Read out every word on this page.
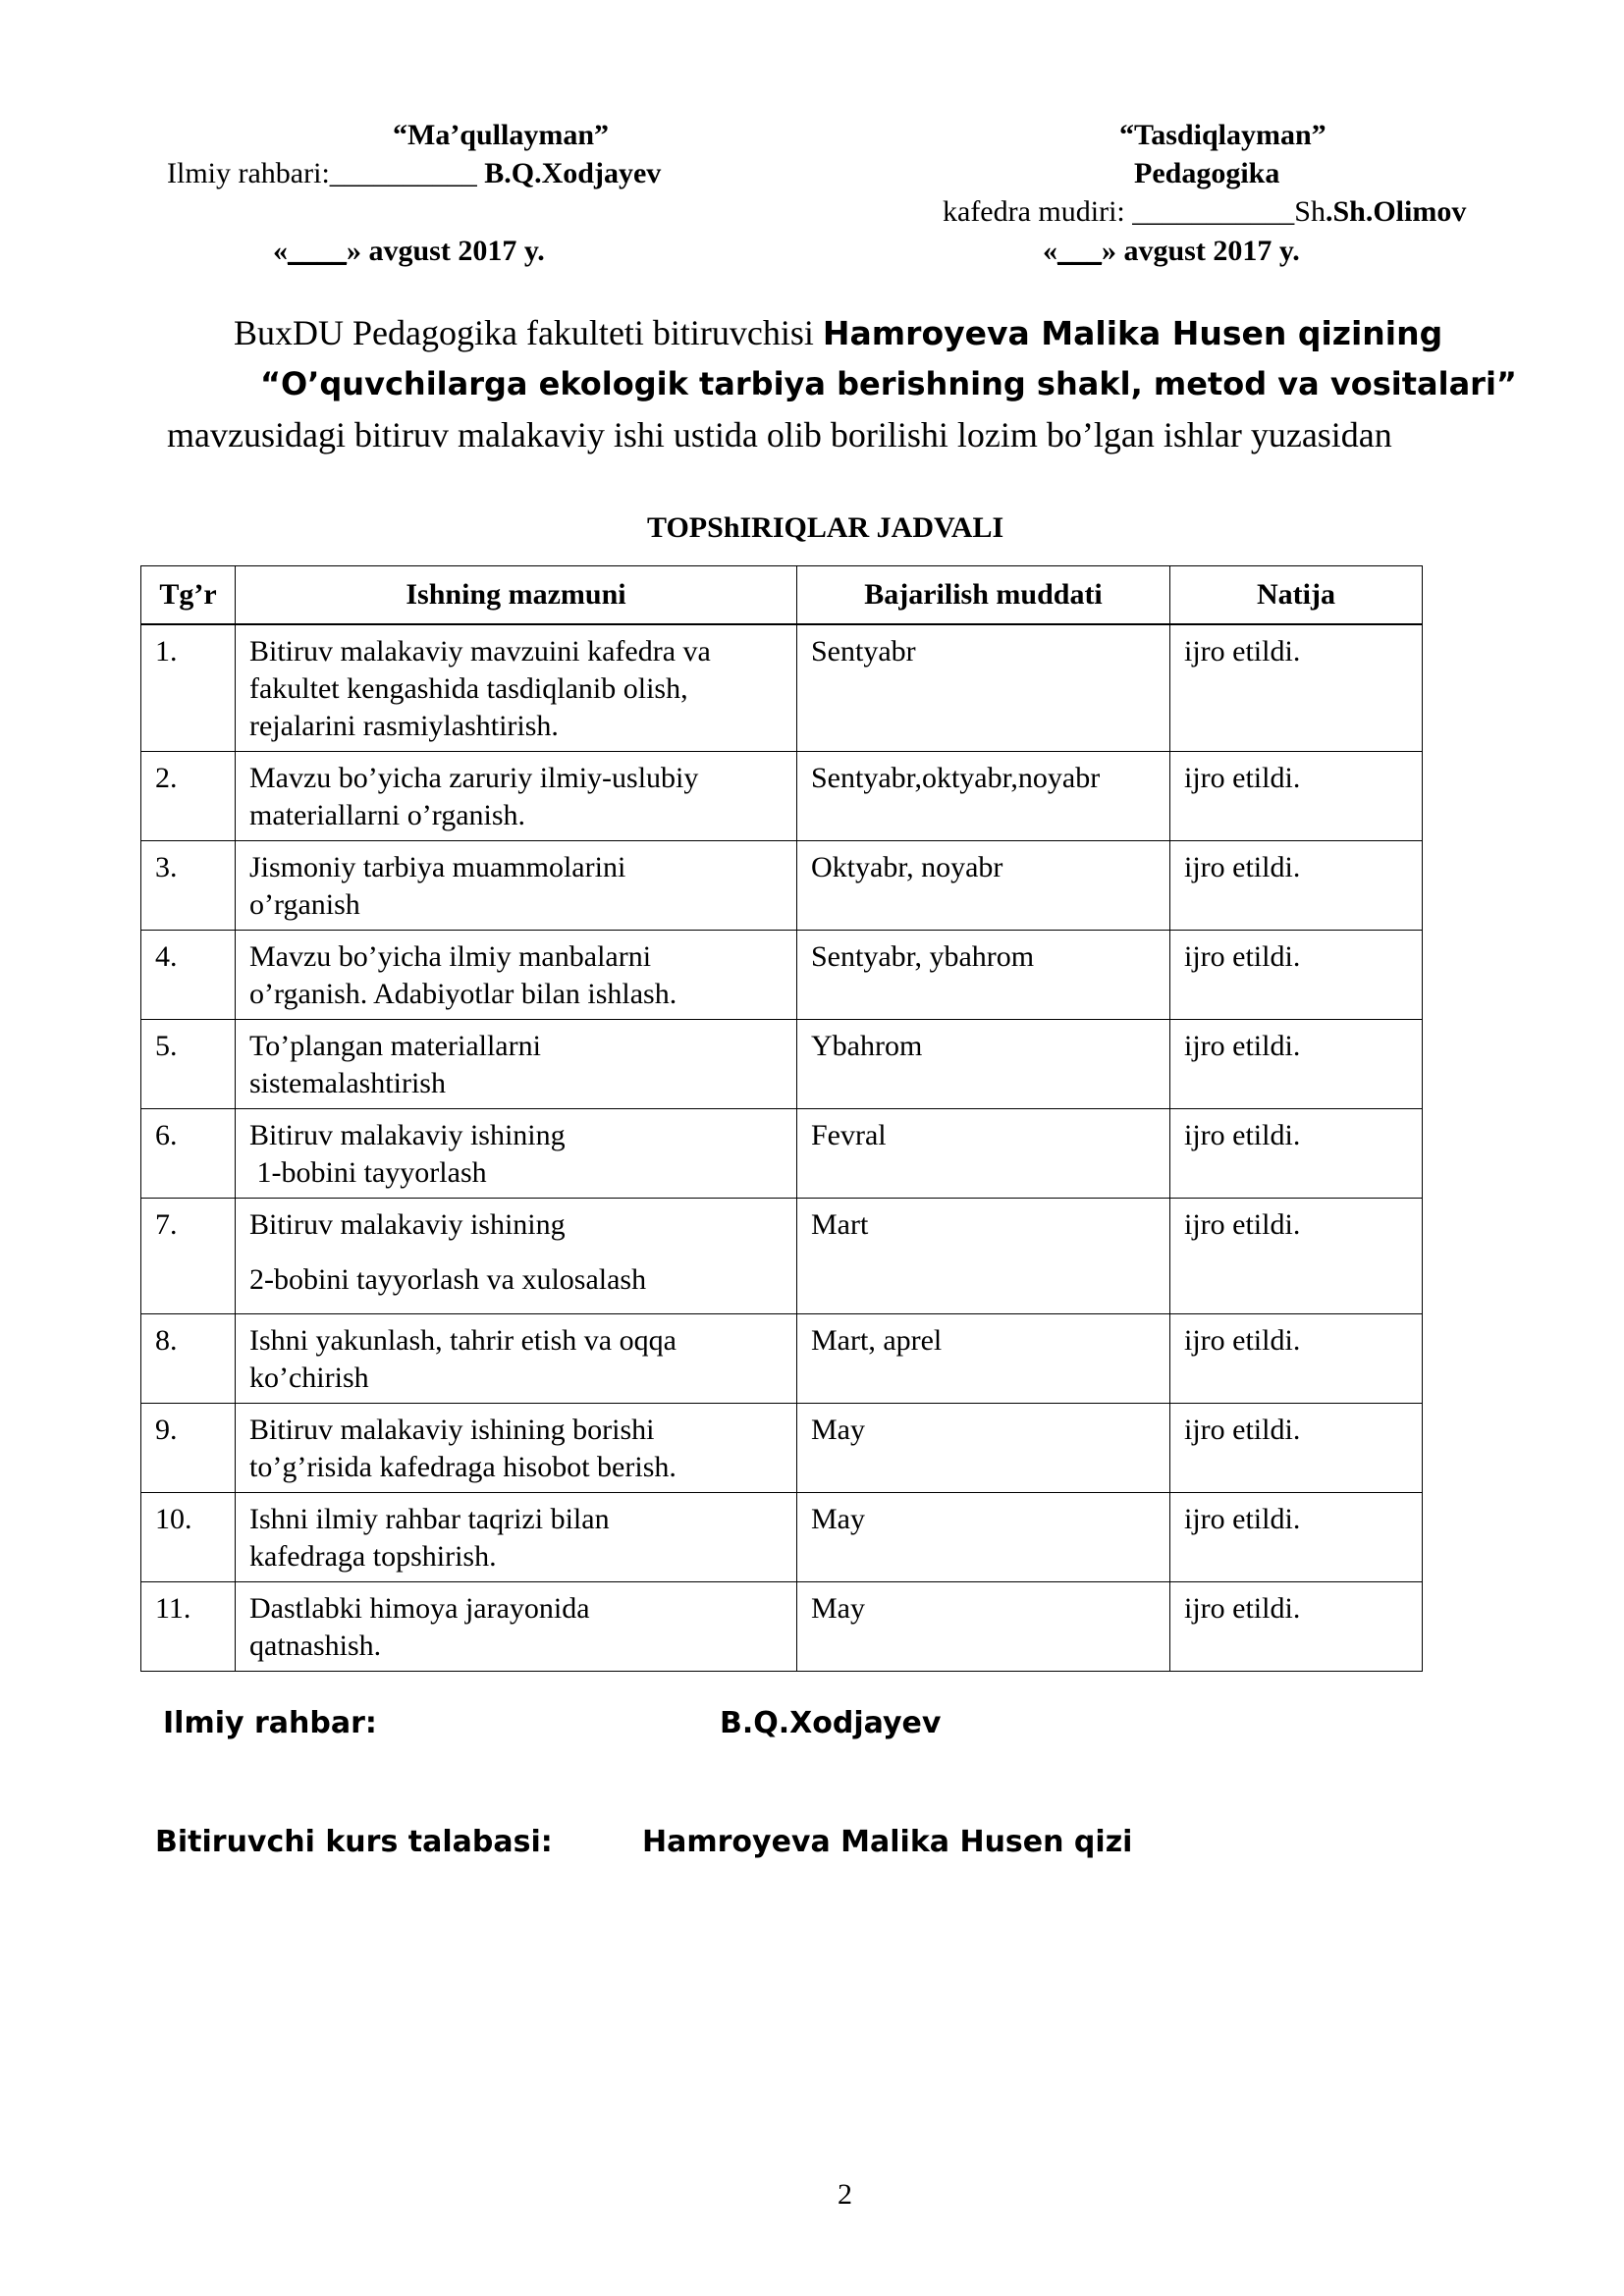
“Ma’qullayman”
Ilmiy rahbari:__________ B.Q.Xodjayev
«____» avgust 2017 y.
“Tasdiqlayman”
Pedagogika
kafedra mudiri: ___________Sh.Sh.Olimov
«___» avgust 2017 y.
BuxDU Pedagogika fakulteti bitiruvchisi Hamroyeva Malika Husen qizining
“O’quvchilarga ekologik tarbiya berishning shakl, metod va vositalari”
mavzusidagi bitiruv malakaviy ishi ustida olib borilishi lozim bo’lgan ishlar yuzasidan
TOPShIRIQLAR JADVALI
Tg’r	Ishning mazmuni	Bajarilish muddati	Natija

1.	Bitiruv malakaviy mavzuini kafedra va
fakultet kengashida tasdiqlanib olish,
rejalarini rasmiylashtirish.	Sentyabr	ijro etildi.
2.	Mavzu bo’yicha zaruriy ilmiy-uslubiy
materiallarni o’rganish.	Sentyabr,oktyabr,noyabr	ijro etildi.
3.	Jismoniy tarbiya muammolarini
o’rganish	Oktyabr, noyabr	ijro etildi.
4.	Mavzu bo’yicha ilmiy manbalarni
o’rganish. Adabiyotlar bilan ishlash.	Sentyabr, ybahrom	ijro etildi.
5.	To’plangan materiallarni
sistemalashtirish	Ybahrom	ijro etildi.
6.	Bitiruv malakaviy ishining
1-bobini tayyorlash	Fevral	ijro etildi.
7.	Bitiruv malakaviy ishining
2-bobini tayyorlash va xulosalash	Mart	ijro etildi.
8.	Ishni yakunlash, tahrir etish va oqqa
ko’chirish	Mart, aprel	ijro etildi.
9.	Bitiruv malakaviy ishining borishi
to’g’risida kafedraga hisobot berish.	May	ijro etildi.
10.	Ishni ilmiy rahbar taqrizi bilan
kafedraga topshirish.	May	ijro etildi.
11.	Dastlabki himoya jarayonida
qatnashish.	May	ijro etildi.
Ilmiy rahbar:	B.Q.Xodjayev
Bitiruvchi kurs talabasi:	Hamroyeva Malika Husen qizi
2
